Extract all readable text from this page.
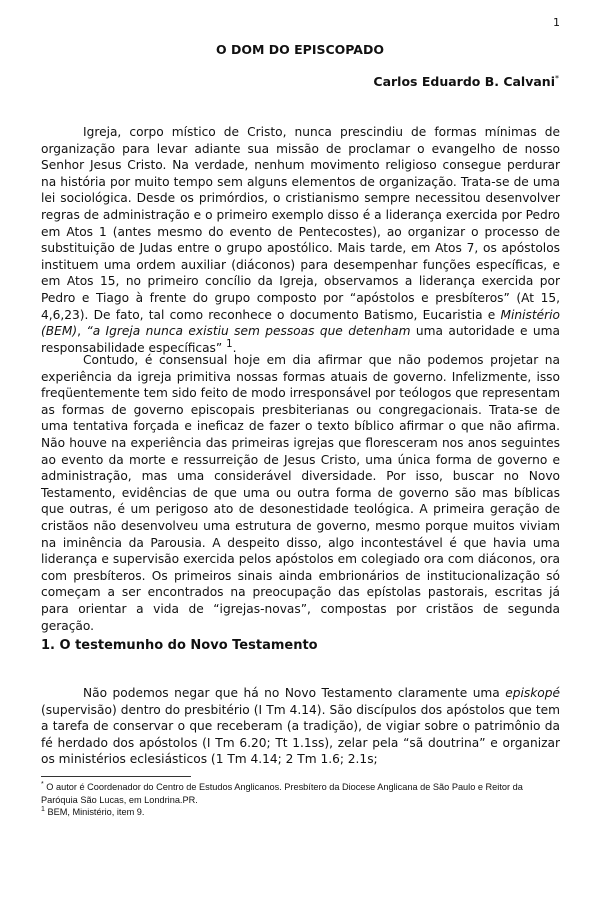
1
O DOM DO EPISCOPADO
Carlos Eduardo B. Calvani*

Igreja, corpo místico de Cristo, nunca prescindiu de formas mínimas de organização para levar adiante sua missão de proclamar o evangelho de nosso Senhor Jesus Cristo. Na verdade, nenhum movimento religioso consegue perdurar na história por muito tempo sem alguns elementos de organização. Trata-se de uma lei sociológica. Desde os primórdios, o cristianismo sempre necessitou desenvolver regras de administração e o primeiro exemplo disso é a liderança exercida por Pedro em Atos 1 (antes mesmo do evento de Pentecostes), ao organizar o processo de substituição de Judas entre o grupo apostólico. Mais tarde, em Atos 7, os apóstolos instituem uma ordem auxiliar (diáconos) para desempenhar funções específicas, e em Atos 15, no primeiro concílio da Igreja, observamos a liderança exercida por Pedro e Tiago à frente do grupo composto por “apóstolos e presbíteros” (At 15, 4,6,23). De fato, tal como reconhece o documento Batismo, Eucaristia e Ministério (BEM), “a Igreja nunca existiu sem pessoas que detenham uma autoridade e uma responsabilidade específicas” $^1$.

Contudo, é consensual hoje em dia afirmar que não podemos projetar na experiência da igreja primitiva nossas formas atuais de governo. Infelizmente, isso freqüentemente tem sido feito de modo irresponsável por teólogos que representam as formas de governo episcopais presbiterianas ou congregacionais. Trata-se de uma tentativa forçada e ineficaz de fazer o texto bíblico afirmar o que não afirma. Não houve na experiência das primeiras igrejas que floresceram nos anos seguintes ao evento da morte e ressurreição de Jesus Cristo, uma única forma de governo e administração, mas uma considerável diversidade. Por isso, buscar no Novo Testamento, evidências de que uma ou outra forma de governo são mas bíblicas que outras, é um perigoso ato de desonestidade teológica. A primeira geração de cristãos não desenvolveu uma estrutura de governo, mesmo porque muitos viviam na iminência da Parousia. A despeito disso, algo incontestável é que havia uma liderança e supervisão exercida pelos apóstolos em colegiado ora com diáconos, ora com presbíteros. Os primeiros sinais ainda embrionários de institucionalização só começam a ser encontrados na preocupação das epístolas pastorais, escritas já para orientar a vida de “igrejas-novas”, compostas por cristãos de segunda geração.

1. O testemunho do Novo Testamento

Não podemos negar que há no Novo Testamento claramente uma episkopé (supervisão) dentro do presbitério (I Tm 4.14). São discípulos dos apóstolos que tem a tarefa de conservar o que receberam (a tradição), de vigiar sobre o patrimônio da fé herdado dos apóstolos (I Tm 6.20; Tt 1.1ss), zelar pela “sã doutrina” e organizar os ministérios eclesiásticos (1 Tm 4.14; 2 Tm 1.6; 2.1s;

* O autor é Coordenador do Centro de Estudos Anglicanos. Presbítero da Diocese Anglicana de São Paulo e Reitor da Paróquia São Lucas, em Londrina.PR.

$^1$ BEM, Ministério, item 9.
